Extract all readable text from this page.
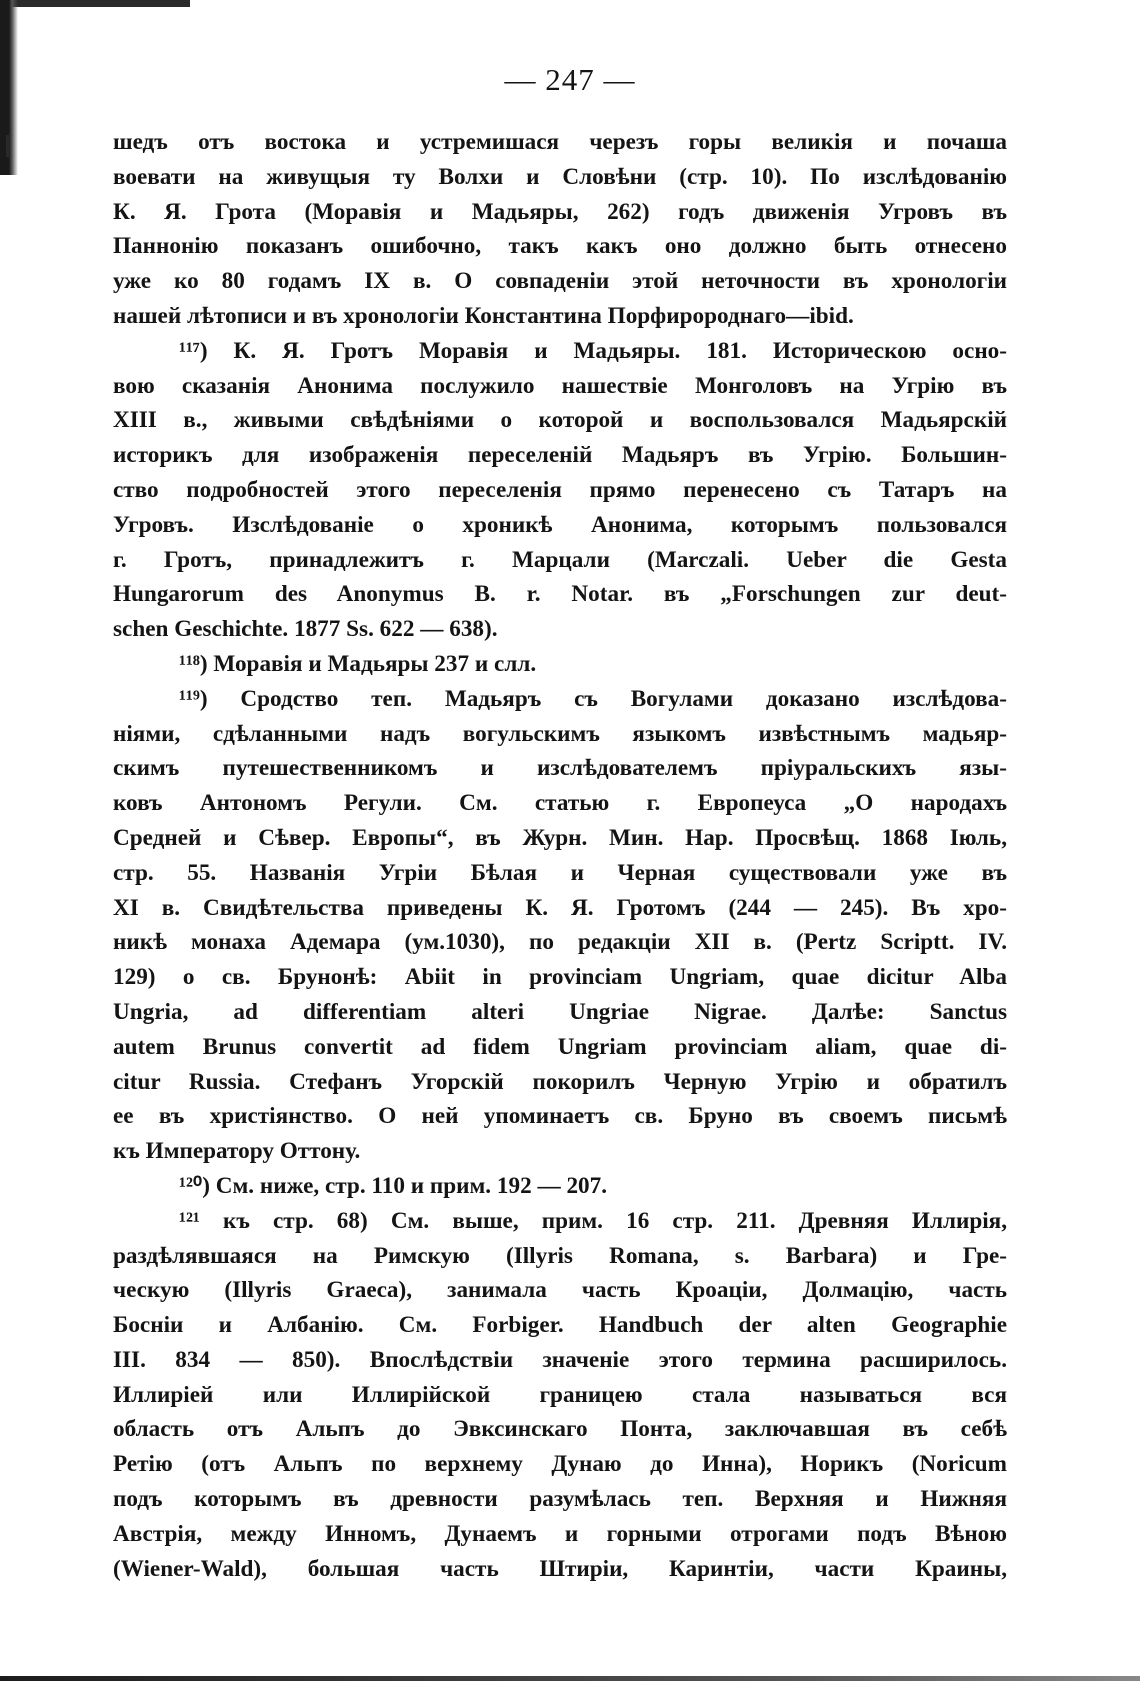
— 247 —
шедъ отъ востока и устремишася черезъ горы великія и почаша
воевати на живущыя ту Волхи и Словѣни (стр. 10). По изслѣдованію
К. Я. Грота (Моравія и Мадьяры, 262) годъ движенія Угровъ въ
Паннонію показанъ ошибочно, такъ какъ оно должно быть отнесено
уже ко 80 годамъ IX в. О совпаденіи этой неточности въ хронологіи
нашей лѣтописи и въ хронологіи Константина Порфиророднаго—ibid.
¹¹⁷) К. Я. Гротъ Моравія и Мадьяры. 181. Историческою осно-
вою сказанія Анонима послужило нашествіе Монголовъ на Угрію въ
XIII в., живыми свѣдѣніями о которой и воспользовался Мадьярскій
историкъ для изображенія переселеній Мадьяръ въ Угрію. Большин-
ство подробностей этого переселенія прямо перенесено съ Татаръ на
Угровъ. Изслѣдованіе о хроникѣ Анонима, которымъ пользовался
г. Гротъ, принадлежитъ г. Марцали (Marczali. Ueber die Gesta
Hungarorum des Anonymus B. r. Notar. въ „Forschungen zur deut-
schen Geschichte. 1877 Ss. 622 — 638).
¹¹⁸) Моравія и Мадьяры 237 и слл.
¹¹⁹) Сродство теп. Мадьяръ съ Вогулами доказано изслѣдова-
ніями, сдѣланными надъ вогульскимъ языкомъ извѣстнымъ мадьяр-
скимъ путешественникомъ и изслѣдователемъ пріуральскихъ язы-
ковъ Антономъ Регули. См. статью г. Европеуса „О народахъ
Средней и Сѣвер. Европы“, въ Журн. Мин. Нар. Просвѣщ. 1868 Іюль,
стр. 55. Названія Угріи Бѣлая и Черная существовали уже въ
XI в. Свидѣтельства приведены К. Я. Гротомъ (244 — 245). Въ хро-
никѣ монаха Адемара (ум.1030), по редакціи XII в. (Pertz Scriptt. IV.
129) о св. Брунонѣ: Abiit in provinciam Ungriam, quae dicitur Alba
Ungria, ad differentiam alteri Ungriae Nigrae. Далѣе: Sanctus
autem Brunus convertit ad fidem Ungriam provinciam aliam, quae di-
citur Russia. Стефанъ Угорскій покорилъ Черную Угрію и обратилъ
ее въ христіянство. О ней упоминаетъ св. Бруно въ своемъ письмѣ
къ Императору Оттону.
¹²⁰) См. ниже, стр. 110 и прим. 192 — 207.
¹²¹ къ стр. 68) См. выше, прим. 16 стр. 211. Древняя Иллирія,
раздѣлявшаяся на Римскую (Illyris Romana, s. Barbara) и Гре-
ческую (Illyris Graeca), занимала часть Кроаціи, Долмацію, часть
Босніи и Албанію. См. Forbiger. Handbuch der alten Geographie
III. 834 — 850). Впослѣдствіи значеніе этого термина расширилось.
Иллиріей или Иллирійской границею стала называться вся
область отъ Альпъ до Эвксинскаго Понта, заключавшая въ себѣ
Ретію (отъ Альпъ по верхнему Дунаю до Инна), Норикъ (Noricum
подъ которымъ въ древности разумѣлась теп. Верхняя и Нижняя
Австрія, между Инномъ, Дунаемъ и горными отрогами подъ Вѣною
(Wiener-Wald), большая часть Штиріи, Каринтіи, части Краины,
